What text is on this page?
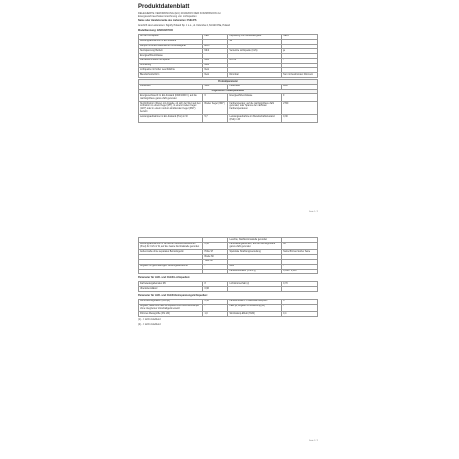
Produktdatenblatt
DELEGIERTE VERORDNUNG (EU) 2019/2015 DER KOMMISSION zur
Energieverbrauchskennzeichnung von Lichtquellen
Name oder Handelsmarke des Lieferanten: PHILIPS
Anschrift des Lieferanten: Signify Poland Sp. z o.o., ul. Kolumba 4, 64-920 Piła, Poland
Modellkennung: 929002287400
Art der Lichtquelle	LED	Kapselung mit Farbwiedergabe	NEIN
Leistungsaufnahme im Ein-Zustand		Ja	
Lampe mit einem elektrischen Vorschaltgerät	ECO		
Netzspannung Betrieb	MLS	Vernetzte Lichtquelle (CLS)	ja
Energieeffizienzklasse			
Farbabstimmbare Lichtquelle	Nein	ROHS	-
Umhüllung	Nein		
Lichtquelle mit hoher Leuchtdichte	Nein		
Blendschutzschirm	Nein	Dimmbar	Nur mit bestimmten Dimmern
Produktparameter			
Parameter	Wert	Parameter	Wert
Allgemeine Produktparameter			
Energieverbrauch im Ein-Zustand (kWh/1000 h), auf die nächstgrößere ganze Zahl gerundet	6	Energieeffizienzklasse	F
Nutzlichtstrom (Φuse) mit Angabe, ob sich der Wert auf den Lichtstrom in einem Kegel (15°), in einem breiten Kegel (120°) oder in einem rundum strahlenden Kegel (360°) bezieht	Breiter Kegel (360°)	Farbtemperatur, auf die nächstgrößere Zahl gerundet, oder Spanne der nächsten Farbtemperaturen	2700
Leistungsaufnahme im Ein-Zustand (Pon) in W	5,7	Leistungsaufnahme im Bereitschaftszustand (Psb) in W	0,30
Seite 1 / 2
		Leuchte, Nachkommastelle gerundet	
Leistungsaufnahme im vernetzten Bereitschaftsbetrieb (Pnet) für CLS in W, auf die zweite Dezimalstelle gerundet	0,30	Farbwiedergabeindex, auf die nächstgrößere ganze Zahl gerundet	80
Außenmaße ohne separates Betriebsgerät	Höhe 97	Spektrale Strahlungsverteilung	Siehe Bild auf letzter Seite
	Breite 60		
	Tiefe 60		
Angabe zur gleichwertigen Leistungsaufnahme	-	Nein	-
		Farbkoordinaten (x und y)	0,458 / 0,410
Parameter für LED- und OLED-Lichtquellen:
Farbwiedergabeindex R9	8	Lichtstromerhalt (x)	0,70
Überlebensfaktor	0,96		
Parameter für LED- und OLED-Netzspannungslichtquellen:
Verschiebungsfaktor (cos φ1)	0,50	Farbkonsistenz in MacAdam-Ellipsen	6
Angabe, dass eine LED-Lichtquelle eine Leuchtstofflampe ohne integriertes Vorschaltgerät ersetzt	-	Falls ja, Angabe zur Ersetzung (W)	-
Flimmer-Messgröße (Pst LM)	1,0	Stroboskop-Effekt (SVM)	0,4
(1) - = nicht zutreffend
(2) - = nicht zutreffend
Seite 2 / 2
